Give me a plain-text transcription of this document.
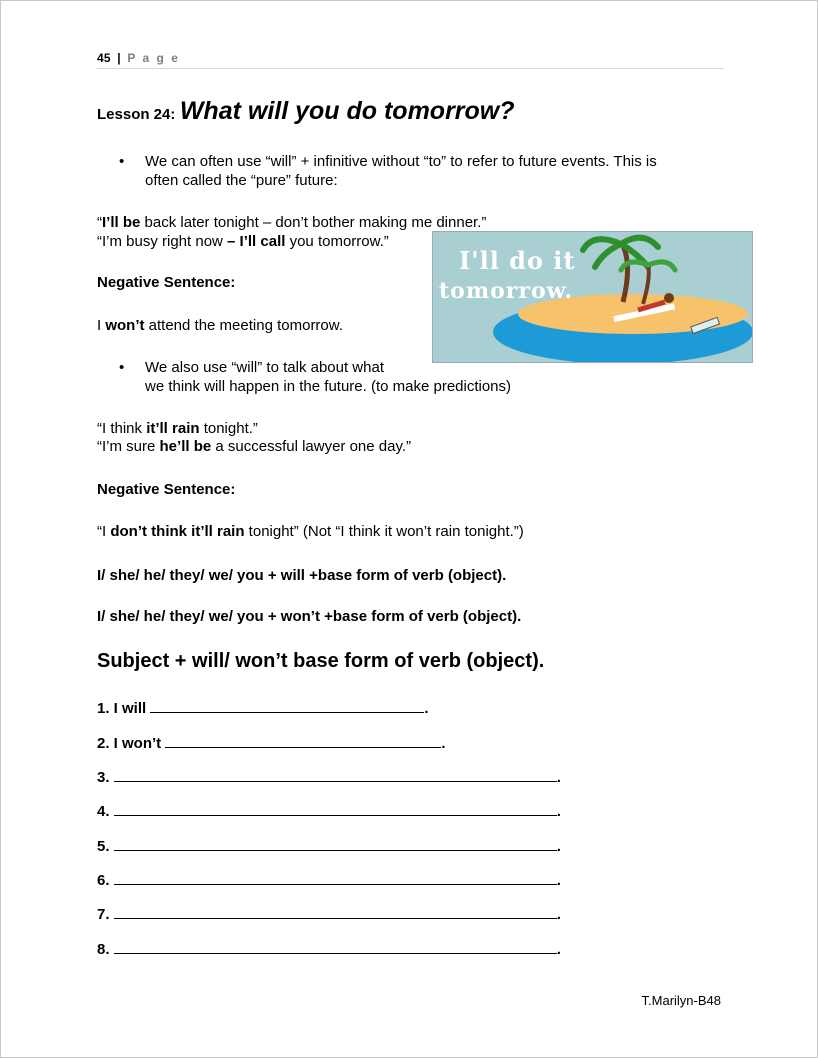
45 | P a g e
Lesson 24: What will you do tomorrow?
• We can often use “will” + infinitive without “to” to refer to future events. This is
often called the “pure” future:
“I’ll be back later tonight – don’t bother making me dinner.”
“I’m busy right now – I’ll call you tomorrow.”
Negative Sentence:
I won’t attend the meeting tomorrow.
I'll do it
tomorrow.
• We also use “will” to talk about what
we think will happen in the future. (to make predictions)
“I think it’ll rain tonight.”
“I’m sure he’ll be a successful lawyer one day.”
Negative Sentence:
“I don’t think it’ll rain tonight” (Not “I think it won’t rain tonight.”)
I/ she/ he/ they/ we/ you + will +base form of verb (object).
I/ she/ he/ they/ we/ you + won’t +base form of verb (object).
Subject + will/ won’t base form of verb (object).
1. I will	.
2. I won’t	.
3.	.
4.	.
5.	.
6.	.
7.	.
8.	.
T.Marilyn-B48
